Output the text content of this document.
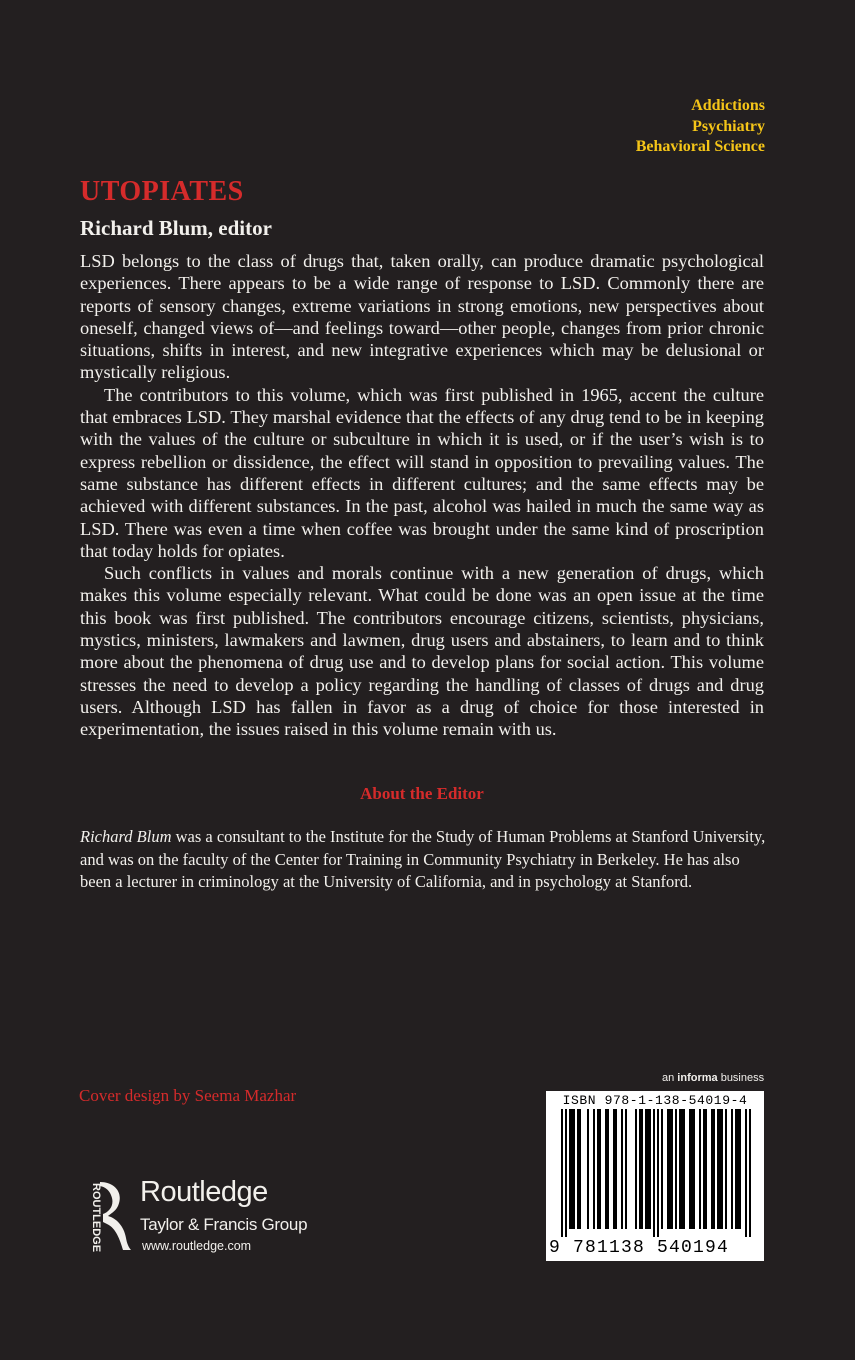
Addictions
Psychiatry
Behavioral Science
UTOPIATES
Richard Blum, editor

LSD belongs to the class of drugs that, taken orally, can produce dramatic psychological experiences. There appears to be a wide range of response to LSD. Commonly there are reports of sensory changes, extreme variations in strong emotions, new perspectives about oneself, changed views of—and feelings toward—other people, changes from prior chronic situations, shifts in interest, and new integrative experiences which may be delusional or mystically religious.

The contributors to this volume, which was first published in 1965, accent the culture that embraces LSD. They marshal evidence that the effects of any drug tend to be in keeping with the values of the culture or subculture in which it is used, or if the user’s wish is to express rebellion or dissidence, the effect will stand in opposition to prevailing values. The same substance has different effects in different cultures; and the same effects may be achieved with different substances. In the past, alcohol was hailed in much the same way as LSD. There was even a time when coffee was brought under the same kind of proscription that today holds for opiates.

Such conflicts in values and morals continue with a new generation of drugs, which makes this volume especially relevant. What could be done was an open issue at the time this book was first published. The contributors encourage citizens, scientists, physicians, mystics, ministers, lawmakers and lawmen, drug users and abstainers, to learn and to think more about the phenomena of drug use and to develop plans for social action. This volume stresses the need to develop a policy regarding the handling of classes of drugs and drug users. Although LSD has fallen in favor as a drug of choice for those interested in experimentation, the issues raised in this volume remain with us.

About the Editor
Richard Blum was a consultant to the Institute for the Study of Human Problems at Stanford University, and was on the faculty of the Center for Training in Community Psychiatry in Berkeley. He has also been a lecturer in criminology at the University of California, and in psychology at Stanford.
Cover design by Seema Mazhar
ROUTLEDGE Routledge
Taylor & Francis Group
www.routledge.com
an informa business
ISBN 978-1-138-54019-4
9 781138 540194
